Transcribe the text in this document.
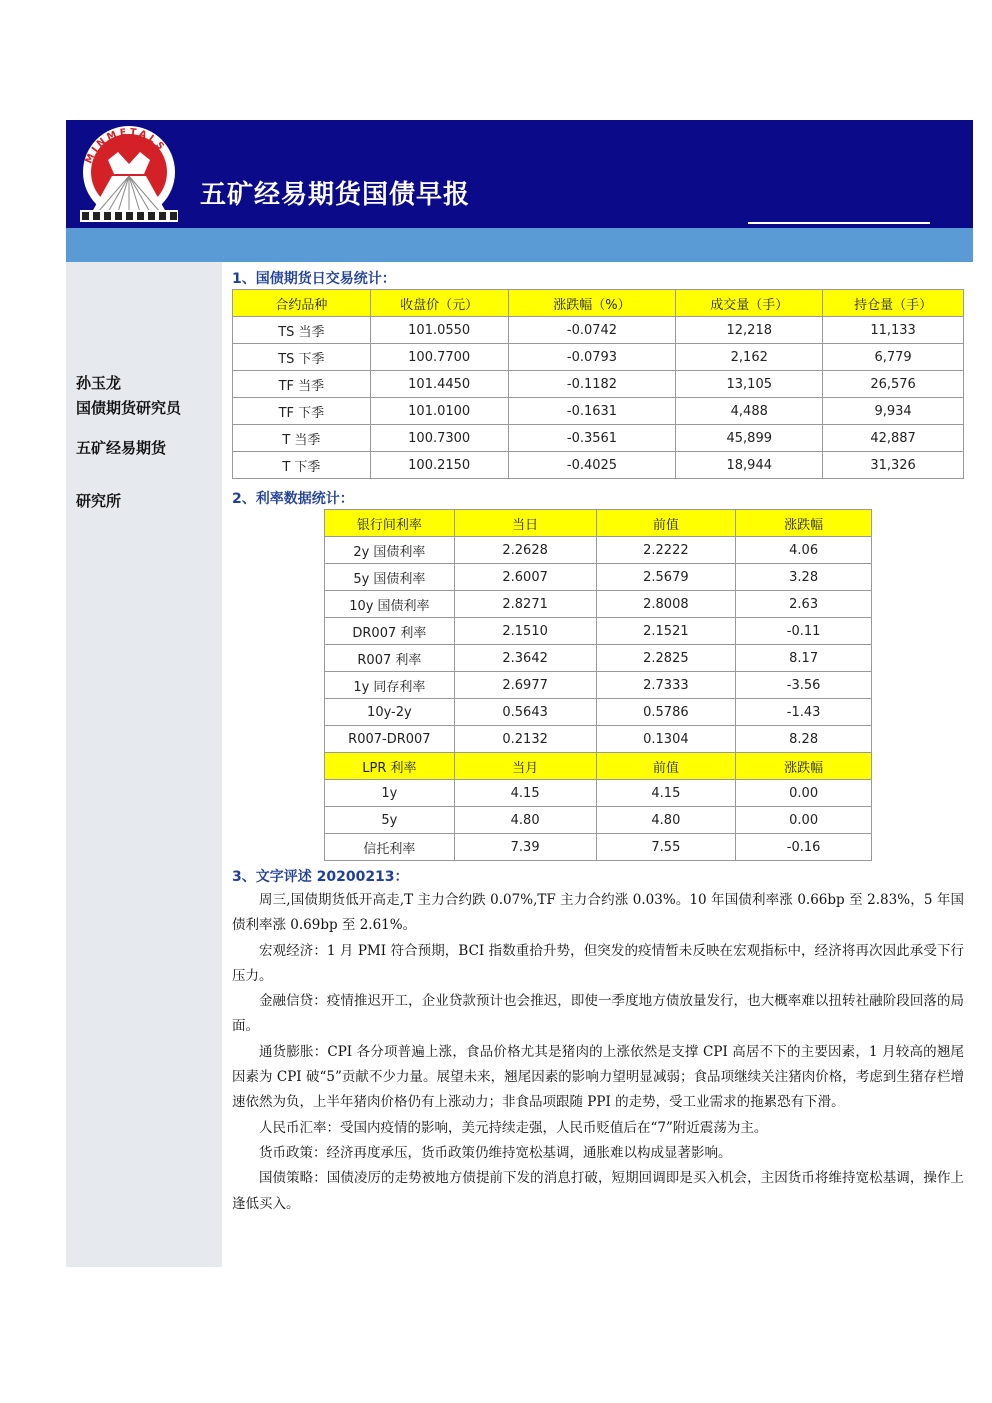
MINMETALS
五矿经易期货国债早报
孙玉龙
国债期货研究员
五矿经易期货
研究所
1、国债期货日交易统计：
合约品种	收盘价（元）	涨跌幅（%）	成交量（手）	持仓量（手）
TS 当季	101.0550	-0.0742	12,218	11,133
TS 下季	100.7700	-0.0793	2,162	6,779
TF 当季	101.4450	-0.1182	13,105	26,576
TF 下季	101.0100	-0.1631	4,488	9,934
T 当季	100.7300	-0.3561	45,899	42,887
T 下季	100.2150	-0.4025	18,944	31,326
2、利率数据统计：
银行间利率	当日	前值	涨跌幅
2y 国债利率	2.2628	2.2222	4.06
5y 国债利率	2.6007	2.5679	3.28
10y 国债利率	2.8271	2.8008	2.63
DR007 利率	2.1510	2.1521	-0.11
R007 利率	2.3642	2.2825	8.17
1y 同存利率	2.6977	2.7333	-3.56
10y-2y	0.5643	0.5786	-1.43
R007-DR007	0.2132	0.1304	8.28
LPR 利率	当月	前值	涨跌幅
1y	4.15	4.15	0.00
5y	4.80	4.80	0.00
信托利率	7.39	7.55	-0.16
3、文字评述 20200213：

周三,国债期货低开高走,T 主力合约跌 0.07%,TF 主力合约涨 0.03%。10 年国债利率涨 0.66bp 至 2.83%，5 年国债利率涨 0.69bp 至 2.61%。

宏观经济：1 月 PMI 符合预期，BCI 指数重拾升势，但突发的疫情暂未反映在宏观指标中，经济将再次因此承受下行压力。

金融信贷：疫情推迟开工，企业贷款预计也会推迟，即使一季度地方债放量发行，也大概率难以扭转社融阶段回落的局面。

通货膨胀：CPI 各分项普遍上涨，食品价格尤其是猪肉的上涨依然是支撑 CPI 高居不下的主要因素，1 月较高的翘尾因素为 CPI 破“5”贡献不少力量。展望未来，翘尾因素的影响力望明显减弱；食品项继续关注猪肉价格，考虑到生猪存栏增速依然为负，上半年猪肉价格仍有上涨动力；非食品项跟随 PPI 的走势，受工业需求的拖累恐有下滑。

人民币汇率：受国内疫情的影响，美元持续走强，人民币贬值后在“7”附近震荡为主。

货币政策：经济再度承压，货币政策仍维持宽松基调，通胀难以构成显著影响。

国债策略：国债凌厉的走势被地方债提前下发的消息打破，短期回调即是买入机会，主因货币将维持宽松基调，操作上逢低买入。
